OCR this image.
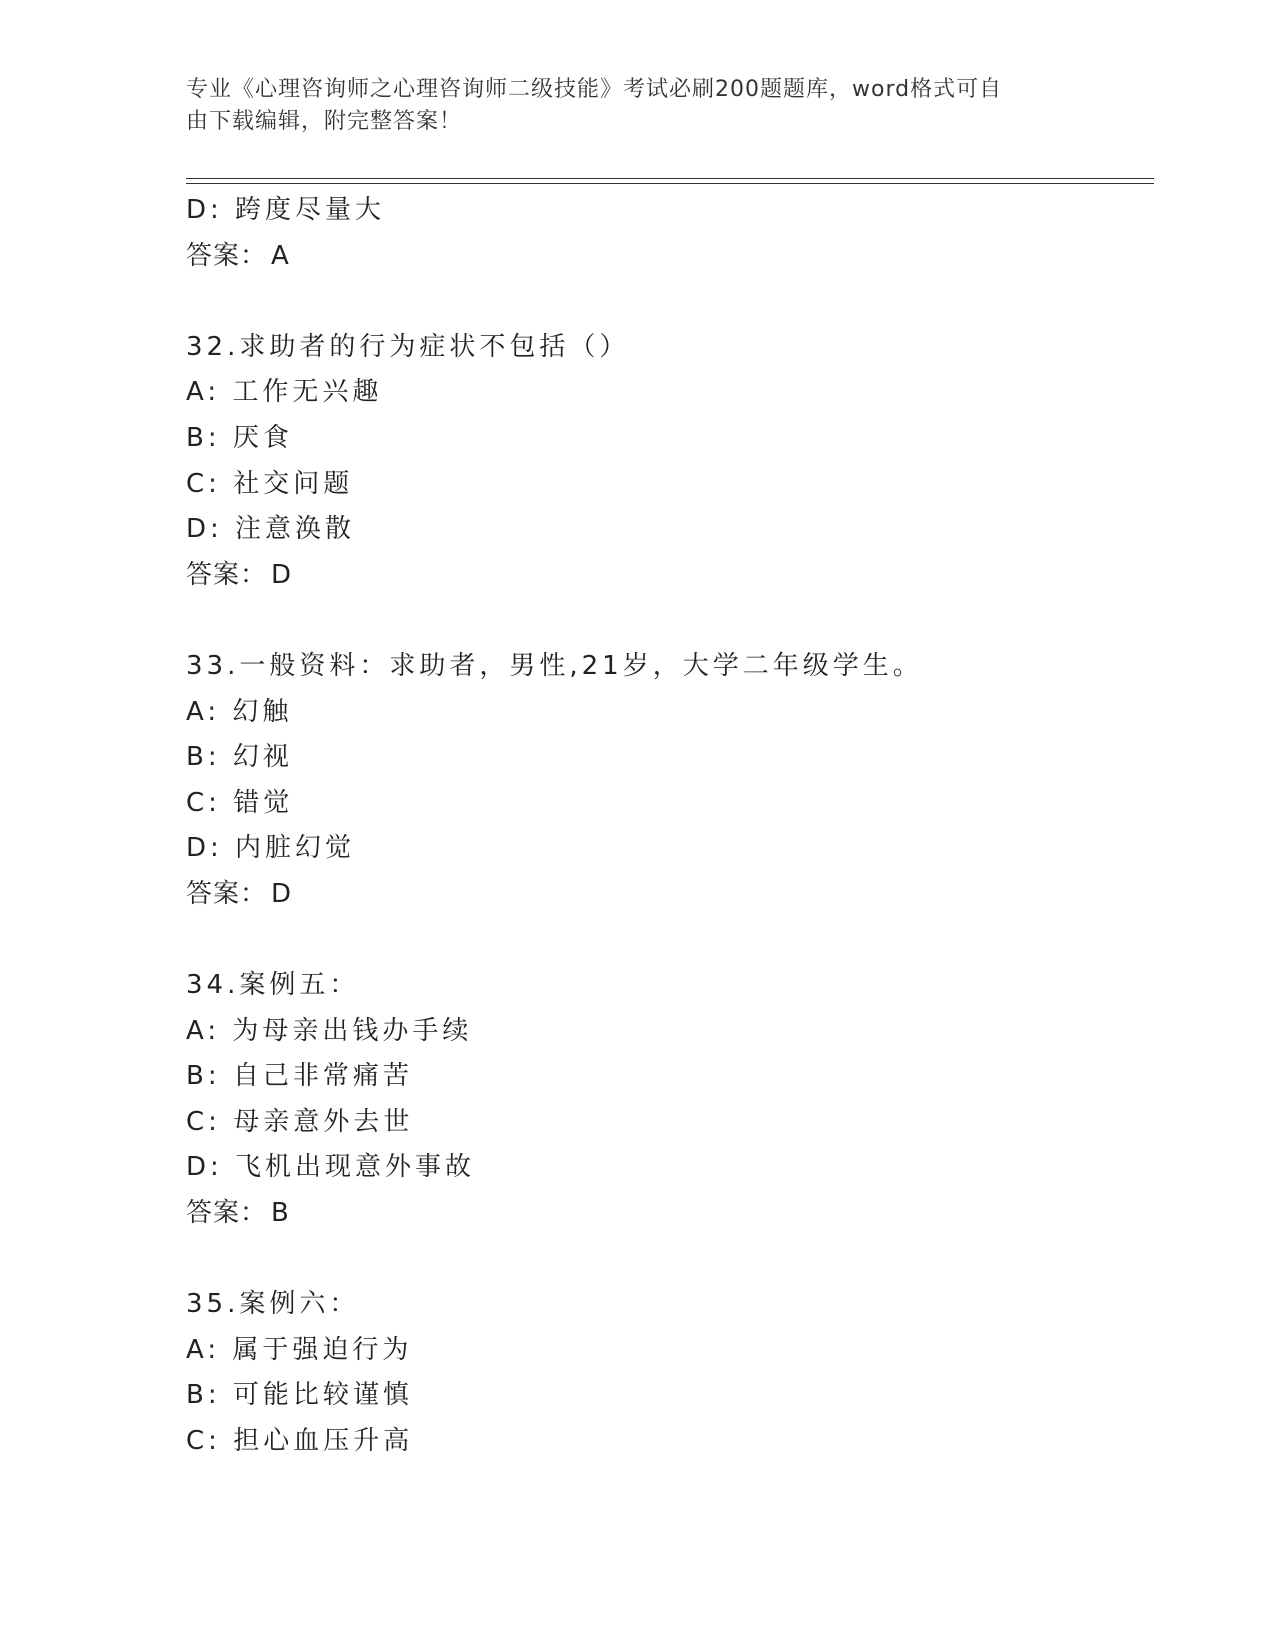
专业《心理咨询师之心理咨询师二级技能》考试必刷200题题库，word格式可自
由下载编辑，附完整答案！
D: 跨度尽量大
答案： A
32.求助者的行为症状不包括（）
A: 工作无兴趣
B: 厌食
C: 社交问题
D: 注意涣散
答案： D
33.一般资料：求助者，男性,21岁，大学二年级学生。
A: 幻触
B: 幻视
C: 错觉
D: 内脏幻觉
答案： D
34.案例五：
A: 为母亲出钱办手续
B: 自己非常痛苦
C: 母亲意外去世
D: 飞机出现意外事故
答案： B
35.案例六：
A: 属于强迫行为
B: 可能比较谨慎
C: 担心血压升高
